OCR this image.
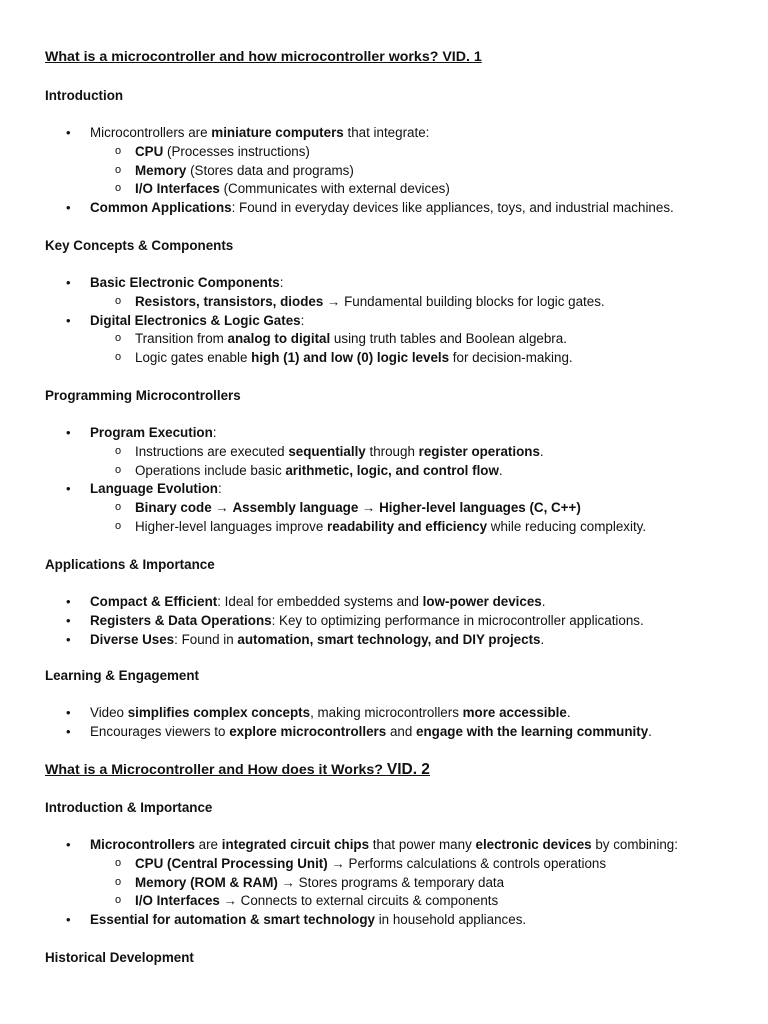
What is a microcontroller and how microcontroller works? VID. 1
Introduction
• Microcontrollers are miniature computers that integrate:
o CPU (Processes instructions)
o Memory (Stores data and programs)
o I/O Interfaces (Communicates with external devices)
• Common Applications: Found in everyday devices like appliances, toys, and industrial machines.
Key Concepts & Components
• Basic Electronic Components:
o Resistors, transistors, diodes → Fundamental building blocks for logic gates.
• Digital Electronics & Logic Gates:
o Transition from analog to digital using truth tables and Boolean algebra.
o Logic gates enable high (1) and low (0) logic levels for decision-making.
Programming Microcontrollers
• Program Execution:
o Instructions are executed sequentially through register operations.
o Operations include basic arithmetic, logic, and control flow.
• Language Evolution:
o Binary code → Assembly language → Higher-level languages (C, C++)
o Higher-level languages improve readability and efficiency while reducing complexity.
Applications & Importance
• Compact & Efficient: Ideal for embedded systems and low-power devices.
• Registers & Data Operations: Key to optimizing performance in microcontroller applications.
• Diverse Uses: Found in automation, smart technology, and DIY projects.
Learning & Engagement
• Video simplifies complex concepts, making microcontrollers more accessible.
• Encourages viewers to explore microcontrollers and engage with the learning community.
What is a Microcontroller and How does it Works? VID. 2
Introduction & Importance
• Microcontrollers are integrated circuit chips that power many electronic devices by combining:
o CPU (Central Processing Unit) → Performs calculations & controls operations
o Memory (ROM & RAM) → Stores programs & temporary data
o I/O Interfaces → Connects to external circuits & components
• Essential for automation & smart technology in household appliances.
Historical Development
